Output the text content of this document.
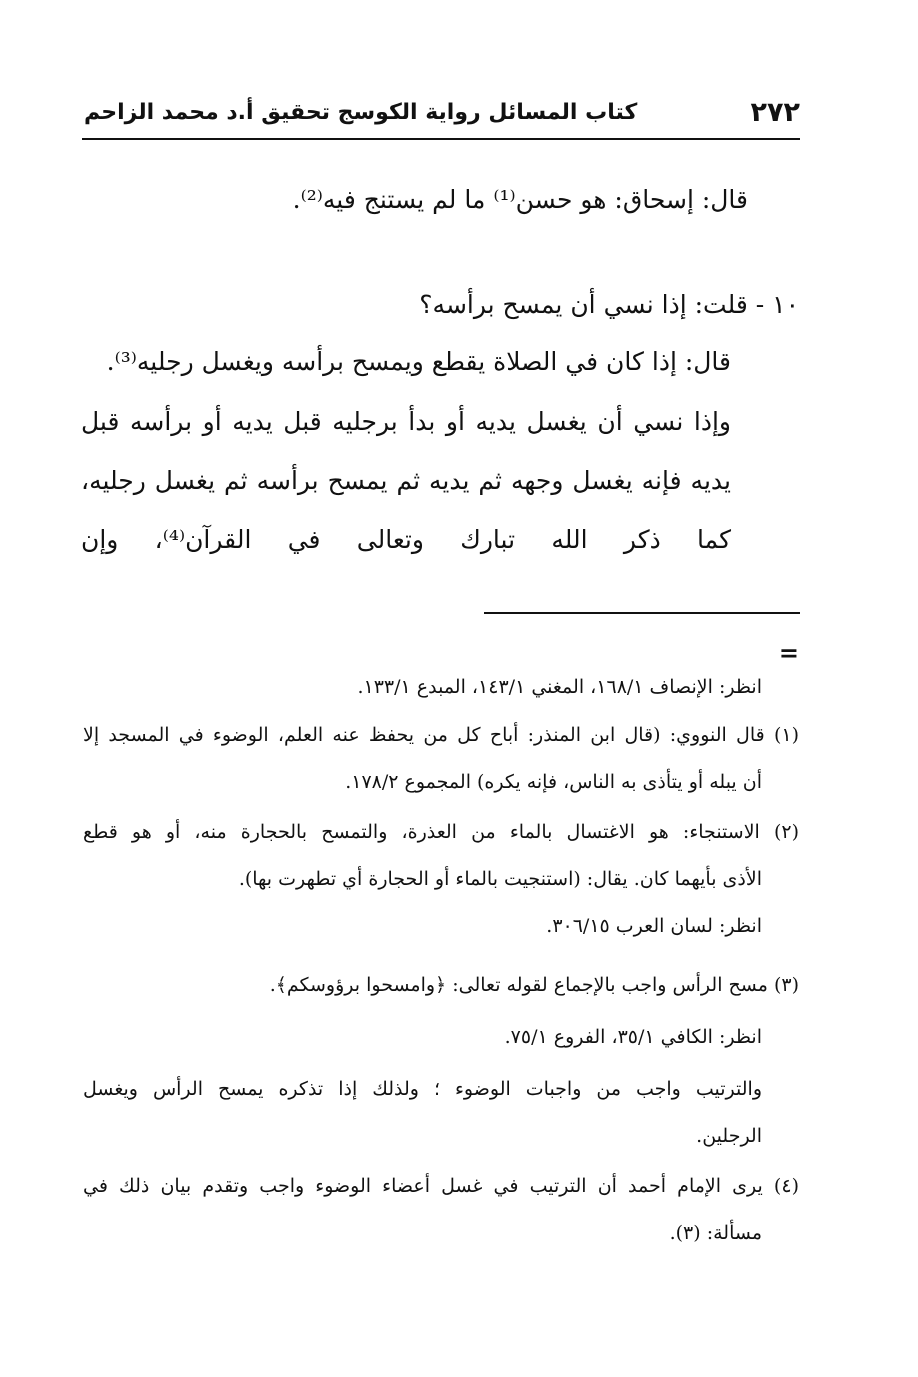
٢٧٢
كتاب المسائل رواية الكوسج تحقيق أ.د محمد الزاحم
قال: إسحاق: هو حسن⁽¹⁾ ما لم يستنج فيه⁽²⁾.
١٠ - قلت: إذا نسي أن يمسح برأسه؟
قال: إذا كان في الصلاة يقطع ويمسح برأسه ويغسل رجليه⁽³⁾.
وإذا نسي أن يغسل يديه أو بدأ برجليه قبل يديه أو برأسه قبل
يديه فإنه يغسل وجهه ثم يديه ثم يمسح برأسه ثم يغسل رجليه،
كما ذكر الله تبارك وتعالى في القرآن⁽⁴⁾، وإن
=
انظر: الإنصاف ١٦٨/١، المغني ١٤٣/١، المبدع ١٣٣/١.
(١) قال النووي: (قال ابن المنذر: أباح كل من يحفظ عنه العلم، الوضوء في المسجد إلا
أن يبله أو يتأذى به الناس، فإنه يكره) المجموع ١٧٨/٢.
(٢) الاستنجاء: هو الاغتسال بالماء من العذرة، والتمسح بالحجارة منه، أو هو قطع
الأذى بأيهما كان. يقال: (استنجيت بالماء أو الحجارة أي تطهرت بها).
انظر: لسان العرب ٣٠٦/١٥.
(٣) مسح الرأس واجب بالإجماع لقوله تعالى: ﴿وامسحوا برؤوسكم﴾.
انظر: الكافي ٣٥/١، الفروع ٧٥/١.
والترتيب واجب من واجبات الوضوء ؛ ولذلك إذا تذكره يمسح الرأس ويغسل
الرجلين.
(٤) يرى الإمام أحمد أن الترتيب في غسل أعضاء الوضوء واجب وتقدم بيان ذلك في
مسألة: (٣).
